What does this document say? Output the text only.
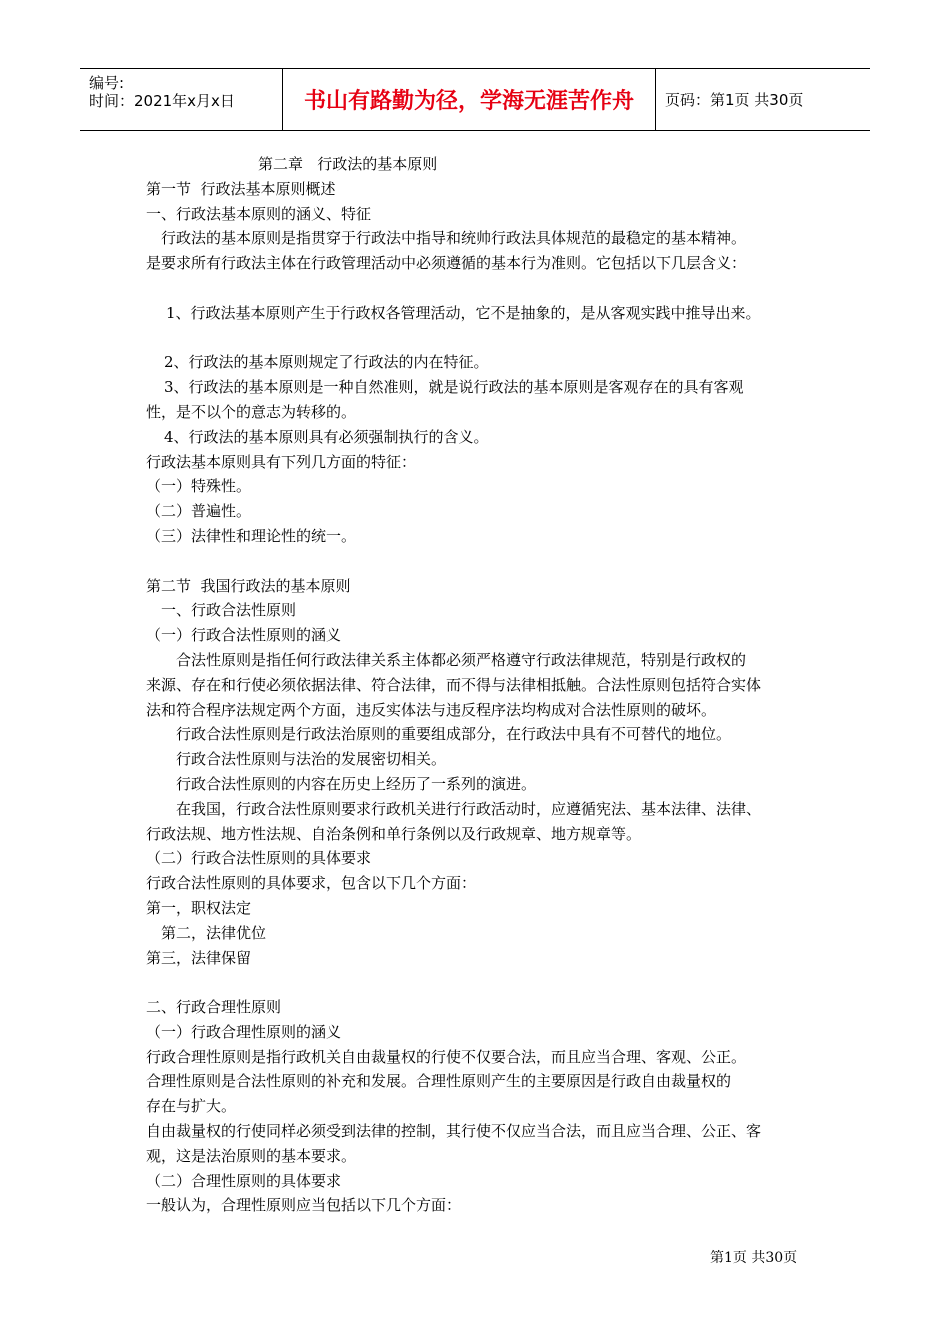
编号:
时间：2021年x月x日	书山有路勤为径，学海无涯苦作舟	页码：第1页 共30页

第二章   行政法的基本原则

第一节  行政法基本原则概述

一、行政法基本原则的涵义、特征

行政法的基本原则是指贯穿于行政法中指导和统帅行政法具体规范的最稳定的基本精神。

是要求所有行政法主体在行政管理活动中必须遵循的基本行为准则。它包括以下几层含义：

1、行政法基本原则产生于行政权各管理活动，它不是抽象的，是从客观实践中推导出来。

2、行政法的基本原则规定了行政法的内在特征。

3、行政法的基本原则是一种自然准则，就是说行政法的基本原则是客观存在的具有客观

性，是不以个的意志为转移的。

4、行政法的基本原则具有必须强制执行的含义。

行政法基本原则具有下列几方面的特征：

（一）特殊性。

（二）普遍性。

（三）法律性和理论性的统一。

第二节  我国行政法的基本原则

一、行政合法性原则

（一）行政合法性原则的涵义

合法性原则是指任何行政法律关系主体都必须严格遵守行政法律规范，特别是行政权的

来源、存在和行使必须依据法律、符合法律，而不得与法律相抵触。合法性原则包括符合实体

法和符合程序法规定两个方面，违反实体法与违反程序法均构成对合法性原则的破坏。

行政合法性原则是行政法治原则的重要组成部分，在行政法中具有不可替代的地位。

行政合法性原则与法治的发展密切相关。

行政合法性原则的内容在历史上经历了一系列的演进。

在我国，行政合法性原则要求行政机关进行行政活动时，应遵循宪法、基本法律、法律、

行政法规、地方性法规、自治条例和单行条例以及行政规章、地方规章等。

（二）行政合法性原则的具体要求

行政合法性原则的具体要求，包含以下几个方面：

第一，职权法定

第二，法律优位

第三，法律保留

二、行政合理性原则

（一）行政合理性原则的涵义

行政合理性原则是指行政机关自由裁量权的行使不仅要合法，而且应当合理、客观、公正。

合理性原则是合法性原则的补充和发展。合理性原则产生的主要原因是行政自由裁量权的

存在与扩大。

自由裁量权的行使同样必须受到法律的控制，其行使不仅应当合法，而且应当合理、公正、客

观，这是法治原则的基本要求。

（二）合理性原则的具体要求

一般认为，合理性原则应当包括以下几个方面：

第1页 共30页
